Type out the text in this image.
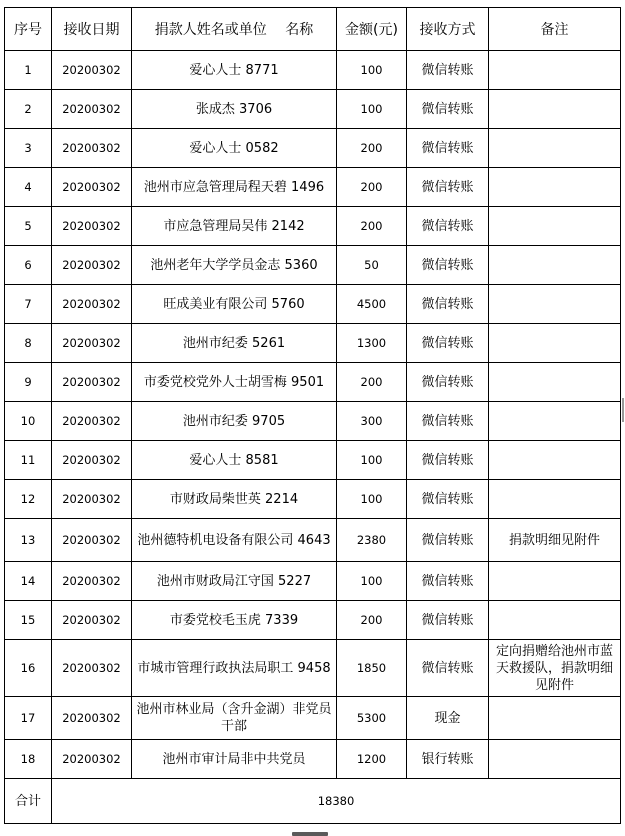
序号	接收日期	捐款人姓名或单位　 名称	金额(元)	接收方式	备注
1	20200302	爱心人士 8771	100	微信转账	
2	20200302	张成杰 3706	100	微信转账	
3	20200302	爱心人士 0582	200	微信转账	
4	20200302	池州市应急管理局程天碧 1496	200	微信转账	
5	20200302	市应急管理局吴伟 2142	200	微信转账	
6	20200302	池州老年大学学员金志 5360	50	微信转账	
7	20200302	旺成美业有限公司 5760	4500	微信转账	
8	20200302	池州市纪委 5261	1300	微信转账	
9	20200302	市委党校党外人士胡雪梅 9501	200	微信转账	
10	20200302	池州市纪委 9705	300	微信转账	
11	20200302	爱心人士 8581	100	微信转账	
12	20200302	市财政局柴世英 2214	100	微信转账	
13	20200302	池州德特机电设备有限公司 4643	2380	微信转账	捐款明细见附件
14	20200302	池州市财政局江守国 5227	100	微信转账	
15	20200302	市委党校毛玉虎 7339	200	微信转账	
16	20200302	市城市管理行政执法局职工 9458	1850	微信转账	定向捐赠给池州市蓝天救援队，捐款明细见附件
17	20200302	池州市林业局（含升金湖）非党员干部	5300	现金	
18	20200302	池州市审计局非中共党员	1200	银行转账	
合计	18380				
